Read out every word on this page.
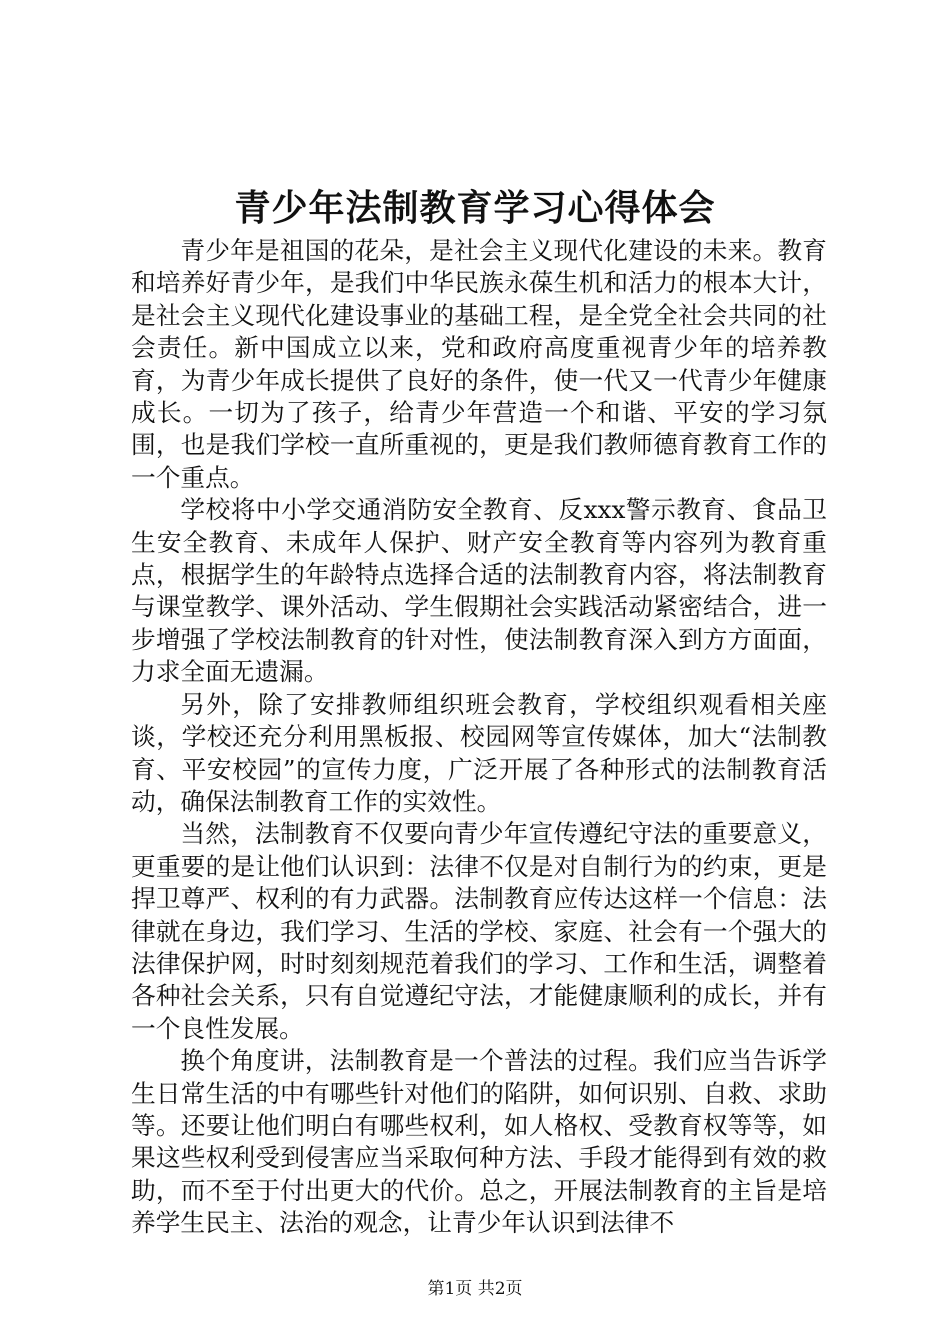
青少年法制教育学习心得体会

青少年是祖国的花朵，是社会主义现代化建设的未来。教育和培养好青少年，是我们中华民族永葆生机和活力的根本大计，是社会主义现代化建设事业的基础工程，是全党全社会共同的社会责任。新中国成立以来，党和政府高度重视青少年的培养教育，为青少年成长提供了良好的条件，使一代又一代青少年健康成长。一切为了孩子，给青少年营造一个和谐、平安的学习氛围，也是我们学校一直所重视的，更是我们教师德育教育工作的一个重点。

学校将中小学交通消防安全教育、反xxx警示教育、食品卫生安全教育、未成年人保护、财产安全教育等内容列为教育重点，根据学生的年龄特点选择合适的法制教育内容，将法制教育与课堂教学、课外活动、学生假期社会实践活动紧密结合，进一步增强了学校法制教育的针对性，使法制教育深入到方方面面，力求全面无遗漏。

另外，除了安排教师组织班会教育，学校组织观看相关座谈，学校还充分利用黑板报、校园网等宣传媒体，加大“法制教育、平安校园”的宣传力度，广泛开展了各种形式的法制教育活动，确保法制教育工作的实效性。

当然，法制教育不仅要向青少年宣传遵纪守法的重要意义，更重要的是让他们认识到：法律不仅是对自制行为的约束，更是捍卫尊严、权利的有力武器。法制教育应传达这样一个信息：法律就在身边，我们学习、生活的学校、家庭、社会有一个强大的法律保护网，时时刻刻规范着我们的学习、工作和生活，调整着各种社会关系，只有自觉遵纪守法，才能健康顺利的成长，并有一个良性发展。

换个角度讲，法制教育是一个普法的过程。我们应当告诉学生日常生活的中有哪些针对他们的陷阱，如何识别、自救、求助等。还要让他们明白有哪些权利，如人格权、受教育权等等，如果这些权利受到侵害应当采取何种方法、手段才能得到有效的救助，而不至于付出更大的代价。总之，开展法制教育的主旨是培养学生民主、法治的观念，让青少年认识到法律不

第1页 共2页
